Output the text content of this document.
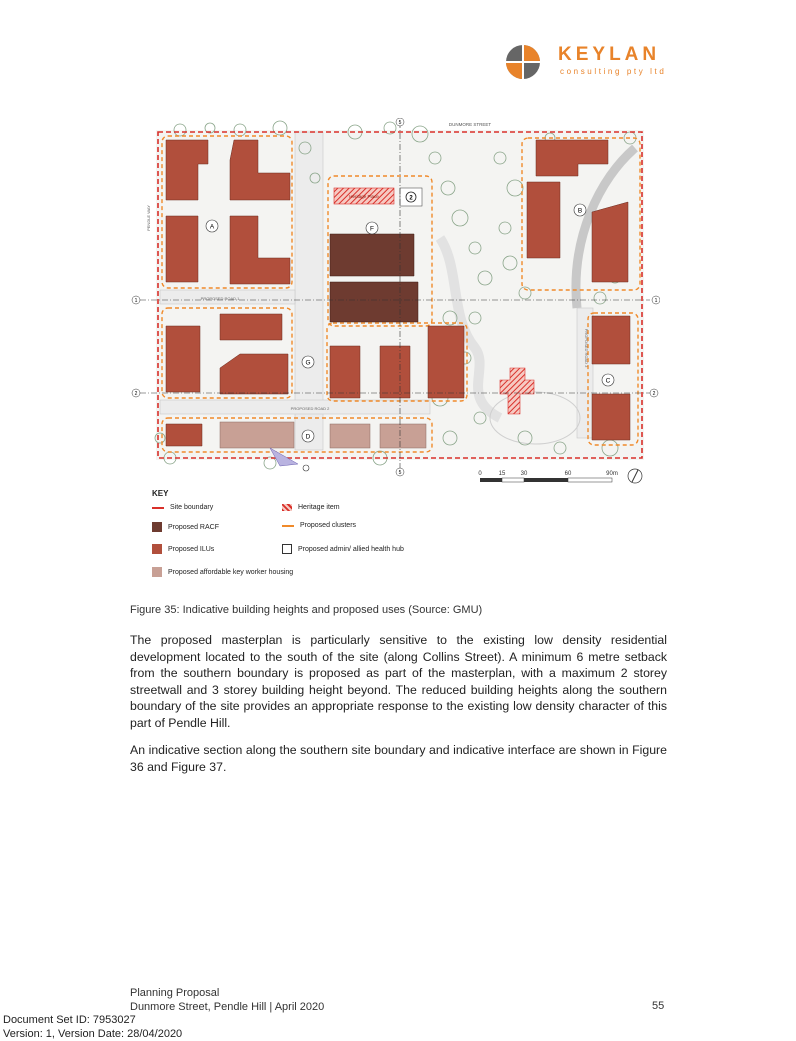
KEYLAN
consulting pty ltd
DUNMORE STREET
PENDLE WAY
PROPOSED ROAD 1
PROPOSED ROAD 2
PROPOSED ROAD 3
Heritage Place	2
A
B
C
D
F
G
1	1
2	2
5
5	0	15	30	60	90m
KEY
Site boundary	Heritage item
Proposed RACF	Proposed clusters
Proposed ILUs	Proposed admin/ allied health hub
Proposed affordable key worker housing
Figure 35: Indicative building heights and proposed uses (Source: GMU)

The proposed masterplan is particularly sensitive to the existing low density residential development located to the south of the site (along Collins Street). A minimum 6 metre setback from the southern boundary is proposed as part of the masterplan, with a maximum 2 storey streetwall and 3 storey building height beyond. The reduced building heights along the southern boundary of the site provides an appropriate response to the existing low density character of this part of Pendle Hill.

An indicative section along the southern site boundary and indicative interface are shown in Figure 36 and Figure 37.

Planning Proposal
Dunmore Street, Pendle Hill | April 2020	55
Document Set ID: 7953027
Version: 1, Version Date: 28/04/2020
